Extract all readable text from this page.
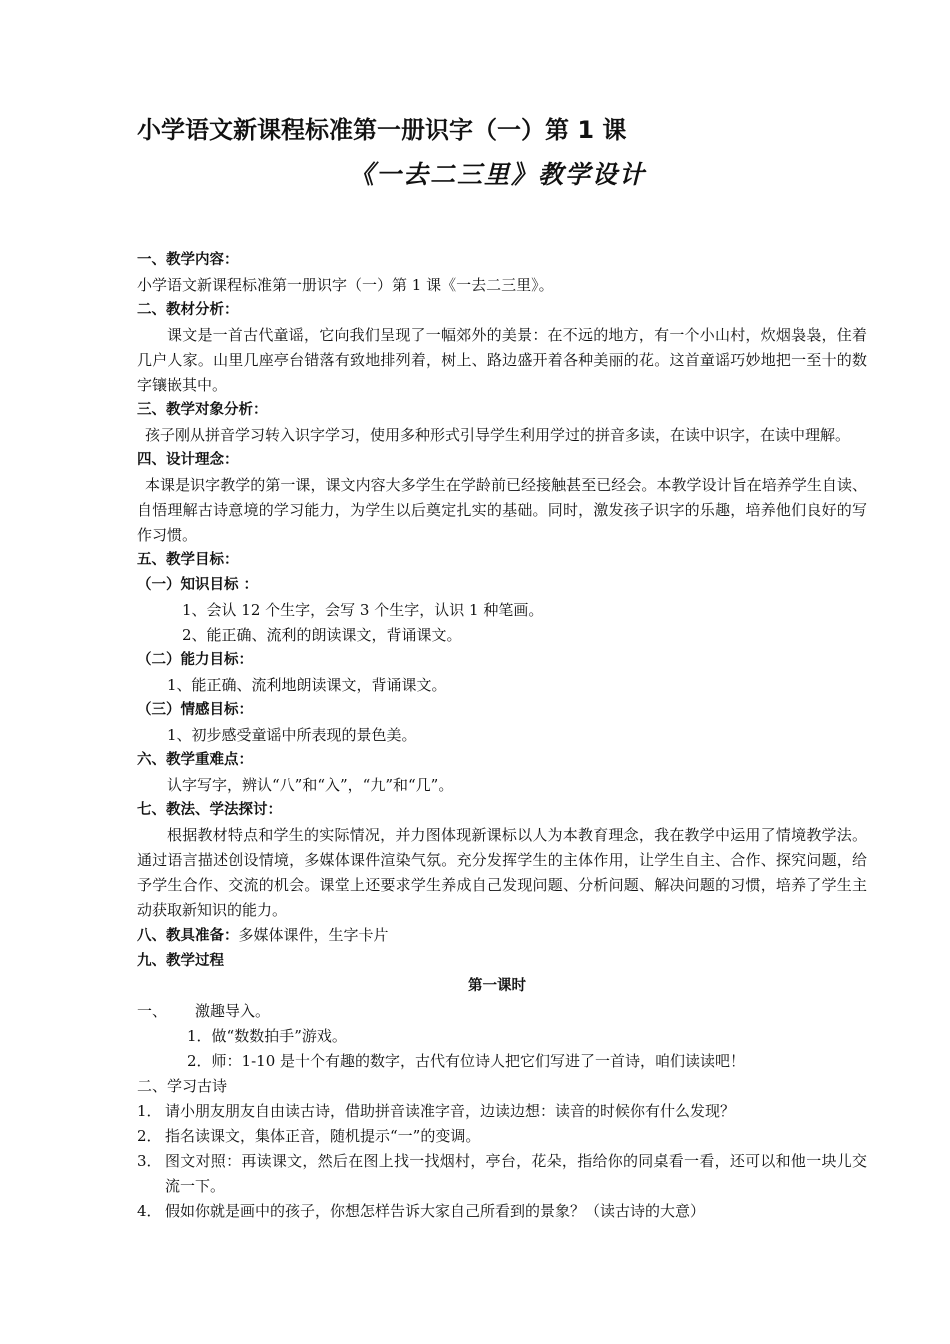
小学语文新课程标准第一册识字（一）第 1 课
《一去二三里》教学设计

一、教学内容：

小学语文新课程标准第一册识字（一）第 1 课《一去二三里》。

二、教材分析：

课文是一首古代童谣，它向我们呈现了一幅郊外的美景：在不远的地方，有一个小山村，炊烟袅袅，住着几户人家。山里几座亭台错落有致地排列着，树上、路边盛开着各种美丽的花。这首童谣巧妙地把一至十的数字镶嵌其中。

三、教学对象分析：

孩子刚从拼音学习转入识字学习，使用多种形式引导学生利用学过的拼音多读，在读中识字，在读中理解。

四、设计理念：

本课是识字教学的第一课，课文内容大多学生在学龄前已经接触甚至已经会。本教学设计旨在培养学生自读、自悟理解古诗意境的学习能力，为学生以后奠定扎实的基础。同时，激发孩子识字的乐趣，培养他们良好的写作习惯。

五、教学目标：

（一）知识目标 ：

1、会认 12 个生字，会写 3 个生字，认识 1 种笔画。

2、能正确、流利的朗读课文，背诵课文。

（二）能力目标：

1、能正确、流利地朗读课文，背诵课文。

（三）情感目标：

1、初步感受童谣中所表现的景色美。

六、教学重难点：

认字写字，辨认“八”和“入”，“九”和“几”。

七、教法、学法探讨：

根据教材特点和学生的实际情况，并力图体现新课标以人为本教育理念，我在教学中运用了情境教学法。通过语言描述创设情境，多媒体课件渲染气氛。充分发挥学生的主体作用，让学生自主、合作、探究问题，给予学生合作、交流的机会。课堂上还要求学生养成自己发现问题、分析问题、解决问题的习惯，培养了学生主动获取新知识的能力。

八、教具准备：多媒体课件，生字卡片

九、教学过程

第一课时

一、	激趣导入。

1．做“数数拍手”游戏。

2．师：1-10 是十个有趣的数字，古代有位诗人把它们写进了一首诗，咱们读读吧！

二、学习古诗

1． 请小朋友朋友自由读古诗，借助拼音读准字音，边读边想：读音的时候你有什么发现？
2． 指名读课文，集体正音，随机提示“一”的变调。
3． 图文对照：再读课文，然后在图上找一找烟村，亭台，花朵，指给你的同桌看一看，还可以和他一块儿交流一下。
4． 假如你就是画中的孩子，你想怎样告诉大家自己所看到的景象？（读古诗的大意）
